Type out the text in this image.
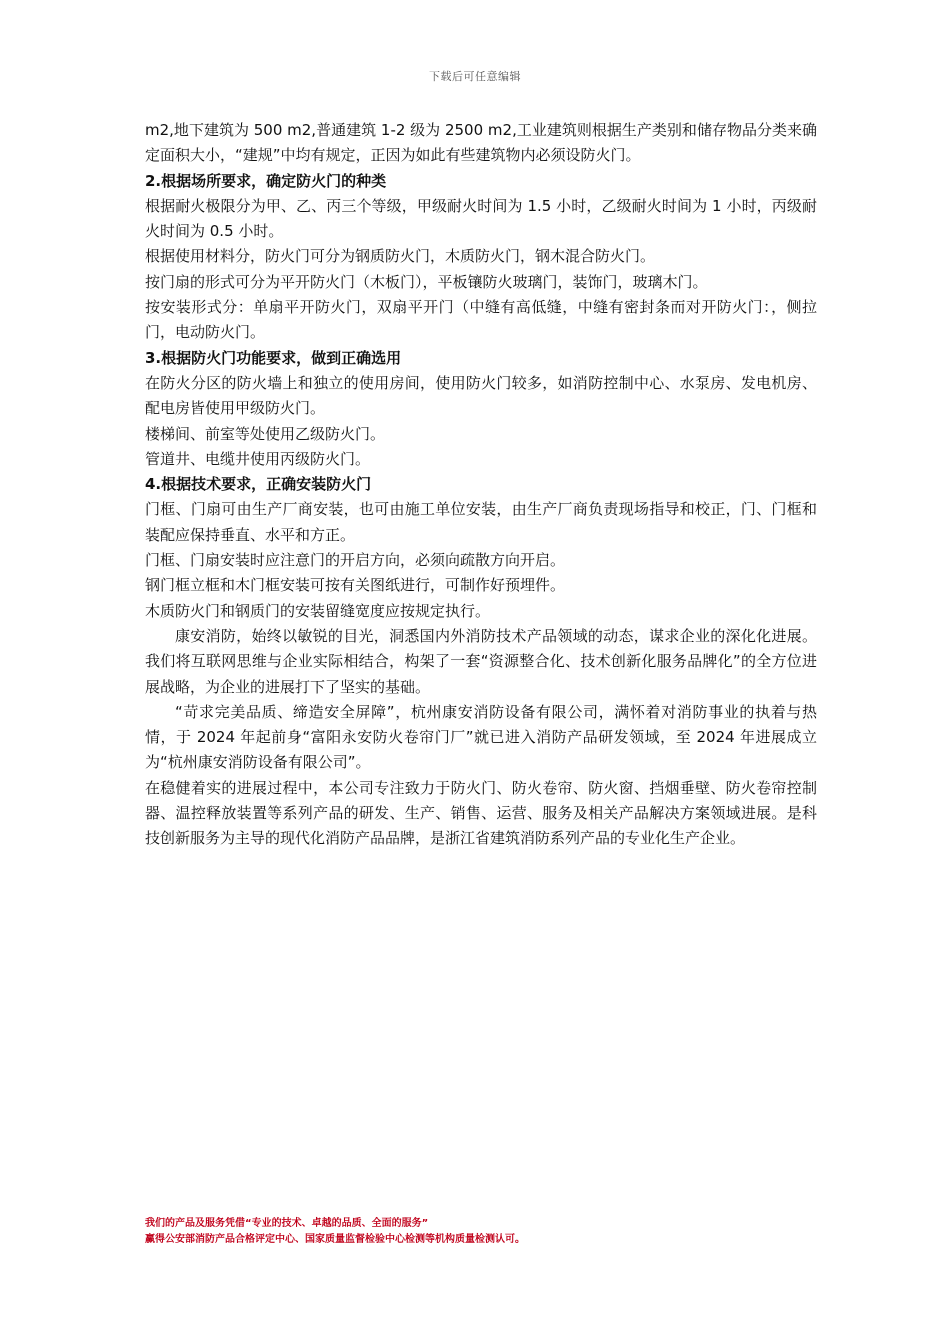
下载后可任意编辑

m2,地下建筑为 500 m2,普通建筑 1-2 级为 2500 m2,工业建筑则根据生产类别和储存物品分类来确定面积大小，“建规”中均有规定，正因为如此有些建筑物内必须设防火门。

2.根据场所要求，确定防火门的种类

根据耐火极限分为甲、乙、丙三个等级，甲级耐火时间为 1.5 小时，乙级耐火时间为 1 小时，丙级耐火时间为 0.5 小时。

根据使用材料分，防火门可分为钢质防火门，木质防火门，钢木混合防火门。

按门扇的形式可分为平开防火门（木板门），平板镶防火玻璃门，装饰门，玻璃木门。

按安装形式分：单扇平开防火门，双扇平开门（中缝有高低缝，中缝有密封条而对开防火门：，侧拉门，电动防火门。

3.根据防火门功能要求，做到正确选用

在防火分区的防火墙上和独立的使用房间，使用防火门较多，如消防控制中心、水泵房、发电机房、配电房皆使用甲级防火门。

楼梯间、前室等处使用乙级防火门。

管道井、电缆井使用丙级防火门。

4.根据技术要求，正确安装防火门

门框、门扇可由生产厂商安装，也可由施工单位安装，由生产厂商负责现场指导和校正，门、门框和装配应保持垂直、水平和方正。

门框、门扇安装时应注意门的开启方向，必须向疏散方向开启。

钢门框立框和木门框安装可按有关图纸进行，可制作好预埋件。

木质防火门和钢质门的安装留缝宽度应按规定执行。

康安消防，始终以敏锐的目光，洞悉国内外消防技术产品领域的动态，谋求企业的深化化进展。我们将互联网思维与企业实际相结合，构架了一套“资源整合化、技术创新化服务品牌化”的全方位进展战略，为企业的进展打下了坚实的基础。

“苛求完美品质、缔造安全屏障”，杭州康安消防设备有限公司，满怀着对消防事业的执着与热情，于 2024 年起前身“富阳永安防火卷帘门厂”就已进入消防产品研发领域，至 2024 年进展成立为“杭州康安消防设备有限公司”。

在稳健着实的进展过程中，本公司专注致力于防火门、防火卷帘、防火窗、挡烟垂壁、防火卷帘控制器、温控释放装置等系列产品的研发、生产、销售、运营、服务及相关产品解决方案领域进展。是科技创新服务为主导的现代化消防产品品牌，是浙江省建筑消防系列产品的专业化生产企业。

我们的产品及服务凭借“专业的技术、卓越的品质、全面的服务”
赢得公安部消防产品合格评定中心、国家质量监督检验中心检测等机构质量检测认可。
